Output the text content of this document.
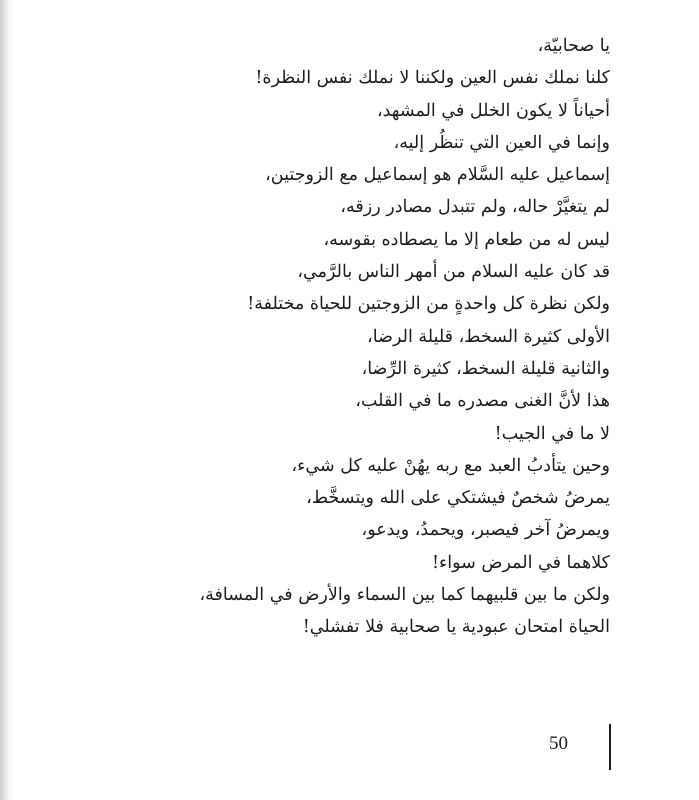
يا صحابيّة،
كلنا نملك نفس العين ولكننا لا نملك نفس النظرة!
أحياناً لا يكون الخلل في المشهد،
وإنما في العين التي تنظُر إليه،
إسماعيل عليه السَّلام هو إسماعيل مع الزوجتين،
لم يتغيَّرْ حاله، ولم تتبدل مصادر رزقه،
ليس له من طعام إلا ما يصطاده بقوسه،
قد كان عليه السلام من أمهر الناس بالرَّمي،
ولكن نظرة كل واحدةٍ من الزوجتين للحياة مختلفة!
الأولى كثيرة السخط، قليلة الرضا،
والثانية قليلة السخط، كثيرة الرِّضا،
هذا لأنَّ الغنى مصدره ما في القلب،
لا ما في الجيب!
وحين يتأدبُ العبد مع ربه يهُنْ عليه كل شيء،
يمرضُ شخصٌ فيشتكي على الله ويتسخَّط،
ويمرضُ آخر فيصبر، ويحمدُ، ويدعو،
كلاهما في المرض سواء!
ولكن ما بين قلبيهما كما بين السماء والأرض في المسافة،
الحياة امتحان عبودية يا صحابية فلا تفشلي!
50
